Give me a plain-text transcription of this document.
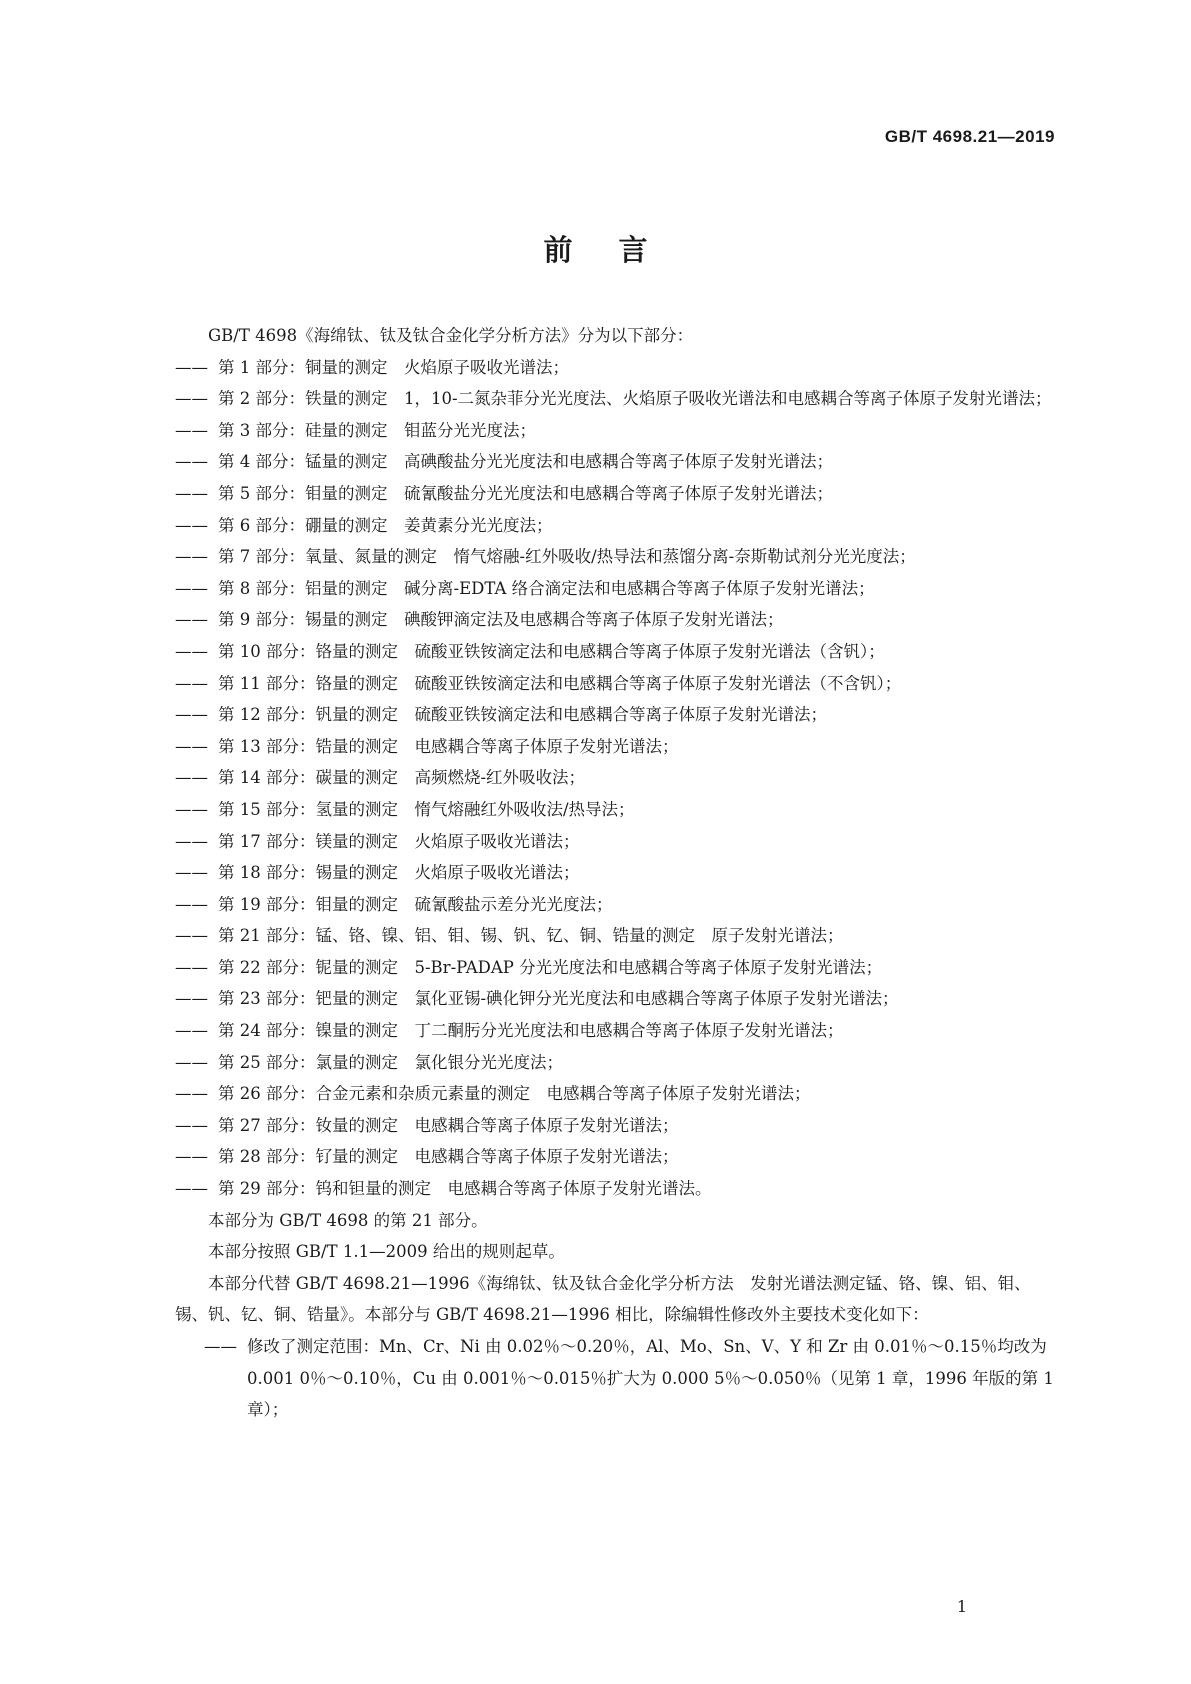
GB/T 4698.21—2019
前言

GB/T 4698《海绵钛、钛及钛合金化学分析方法》分为以下部分：

—— 第 1 部分：铜量的测定　火焰原子吸收光谱法；
—— 第 2 部分：铁量的测定　1，10-二氮杂菲分光光度法、火焰原子吸收光谱法和电感耦合等离子体原子发射光谱法；
—— 第 3 部分：硅量的测定　钼蓝分光光度法；
—— 第 4 部分：锰量的测定　高碘酸盐分光光度法和电感耦合等离子体原子发射光谱法；
—— 第 5 部分：钼量的测定　硫氰酸盐分光光度法和电感耦合等离子体原子发射光谱法；
—— 第 6 部分：硼量的测定　姜黄素分光光度法；
—— 第 7 部分：氧量、氮量的测定　惰气熔融-红外吸收/热导法和蒸馏分离-奈斯勒试剂分光光度法；
—— 第 8 部分：铝量的测定　碱分离-EDTA 络合滴定法和电感耦合等离子体原子发射光谱法；
—— 第 9 部分：锡量的测定　碘酸钾滴定法及电感耦合等离子体原子发射光谱法；
—— 第 10 部分：铬量的测定　硫酸亚铁铵滴定法和电感耦合等离子体原子发射光谱法（含钒）；
—— 第 11 部分：铬量的测定　硫酸亚铁铵滴定法和电感耦合等离子体原子发射光谱法（不含钒）；
—— 第 12 部分：钒量的测定　硫酸亚铁铵滴定法和电感耦合等离子体原子发射光谱法；
—— 第 13 部分：锆量的测定　电感耦合等离子体原子发射光谱法；
—— 第 14 部分：碳量的测定　高频燃烧-红外吸收法；
—— 第 15 部分：氢量的测定　惰气熔融红外吸收法/热导法；
—— 第 17 部分：镁量的测定　火焰原子吸收光谱法；
—— 第 18 部分：锡量的测定　火焰原子吸收光谱法；
—— 第 19 部分：钼量的测定　硫氰酸盐示差分光光度法；
—— 第 21 部分：锰、铬、镍、铝、钼、锡、钒、钇、铜、锆量的测定　原子发射光谱法；
—— 第 22 部分：铌量的测定　5-Br-PADAP 分光光度法和电感耦合等离子体原子发射光谱法；
—— 第 23 部分：钯量的测定　氯化亚锡-碘化钾分光光度法和电感耦合等离子体原子发射光谱法；
—— 第 24 部分：镍量的测定　丁二酮肟分光光度法和电感耦合等离子体原子发射光谱法；
—— 第 25 部分：氯量的测定　氯化银分光光度法；
—— 第 26 部分：合金元素和杂质元素量的测定　电感耦合等离子体原子发射光谱法；
—— 第 27 部分：钕量的测定　电感耦合等离子体原子发射光谱法；
—— 第 28 部分：钌量的测定　电感耦合等离子体原子发射光谱法；
—— 第 29 部分：钨和钽量的测定　电感耦合等离子体原子发射光谱法。

本部分为 GB/T 4698 的第 21 部分。

本部分按照 GB/T 1.1—2009 给出的规则起草。

本部分代替 GB/T 4698.21—1996《海绵钛、钛及钛合金化学分析方法　发射光谱法测定锰、铬、镍、铝、钼、锡、钒、钇、铜、锆量》。本部分与 GB/T 4698.21—1996 相比，除编辑性修改外主要技术变化如下：

—— 修改了测定范围：Mn、Cr、Ni 由 0.02％～0.20％，Al、Mo、Sn、V、Y 和 Zr 由 0.01％～0.15％均改为 0.001 0％～0.10％，Cu 由 0.001％～0.015％扩大为 0.000 5％～0.050％（见第 1 章，1996 年版的第 1 章）；
1
